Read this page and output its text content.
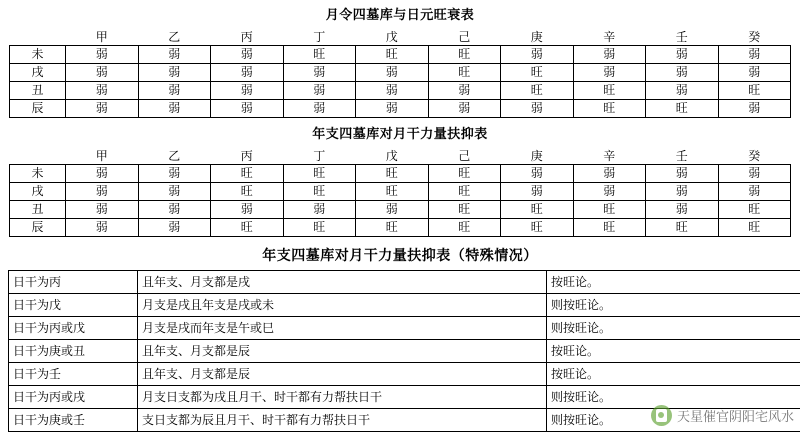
月令四墓库与日元旺衰表
	甲	乙	丙	丁	戊	己	庚	辛	壬	癸
未	弱	弱	弱	旺	旺	旺	弱	弱	弱	弱
戌	弱	弱	弱	弱	弱	旺	旺	弱	弱	弱
丑	弱	弱	弱	弱	弱	弱	旺	旺	弱	旺
辰	弱	弱	弱	弱	弱	弱	弱	旺	旺	弱
年支四墓库对月干力量扶抑表
	甲	乙	丙	丁	戊	己	庚	辛	壬	癸
未	弱	弱	旺	旺	旺	旺	弱	弱	弱	弱
戌	弱	弱	旺	旺	旺	旺	弱	弱	弱	弱
丑	弱	弱	弱	弱	弱	旺	旺	旺	弱	旺
辰	弱	弱	旺	旺	旺	旺	旺	旺	旺	旺
年支四墓库对月干力量扶抑表（特殊情况）
日干为丙	且年支、月支都是戌	按旺论。
日干为戊	月支是戌且年支是戌或未	则按旺论。
日干为丙或戊	月支是戌而年支是午或巳	则按旺论。
日干为庚或丑	且年支、月支都是辰	按旺论。
日干为壬	且年支、月支都是辰	按旺论。
日干为丙或戌	月支日支都为戌且月干、时干都有力帮扶日干	则按旺论。
日干为庚或壬	支日支都为辰且月干、时干都有力帮扶日干	则按旺论。	天星催官阴阳宅风水
